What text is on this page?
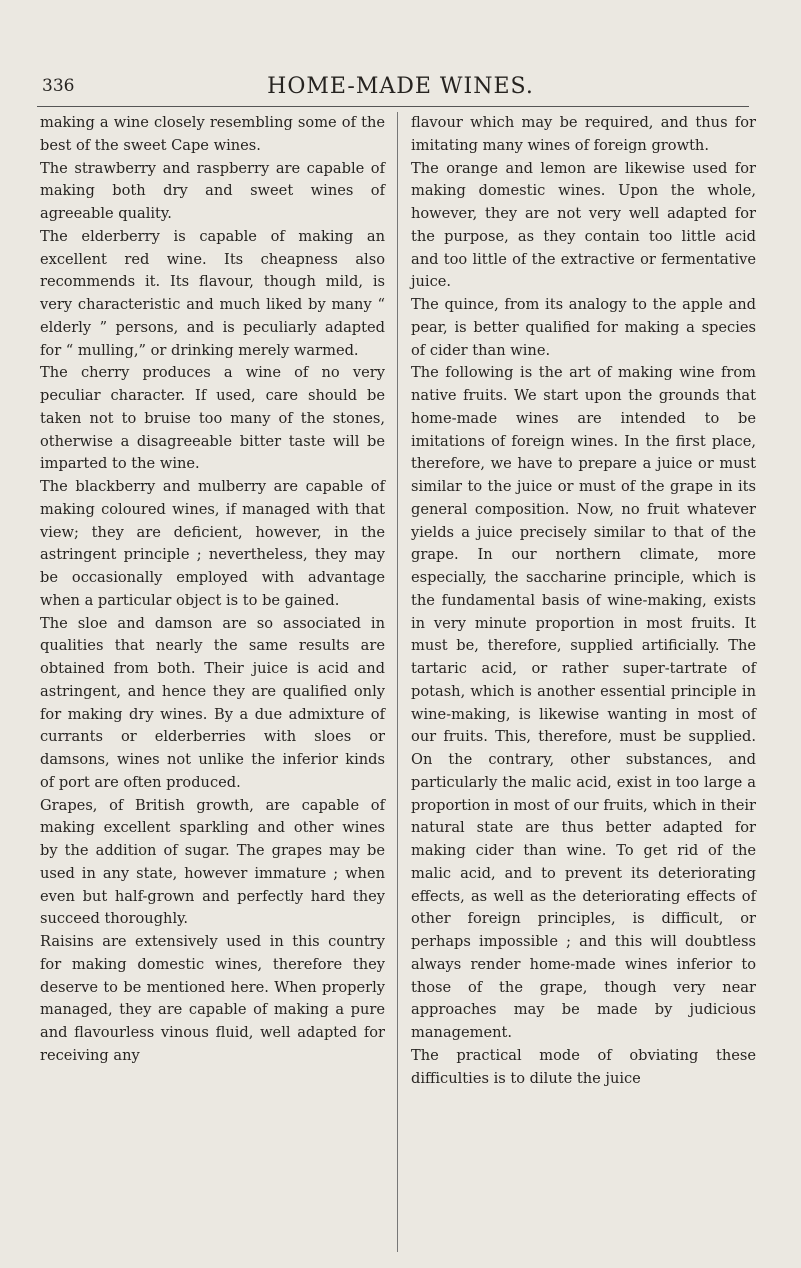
336	HOME-MADE WINES.

making a wine closely resembling some of the best of the sweet Cape wines.

The strawberry and raspberry are capable of making both dry and sweet wines of agreeable quality.

The elderberry is capable of making an excellent red wine. Its cheapness also recommends it. Its flavour, though mild, is very characteristic and much liked by many “ elderly ” persons, and is peculiarly adapted for “ mulling,” or drinking merely warmed.

The cherry produces a wine of no very peculiar character. If used, care should be taken not to bruise too many of the stones, otherwise a disagreeable bitter taste will be imparted to the wine.

The blackberry and mulberry are capable of making coloured wines, if managed with that view; they are deficient, however, in the astringent principle ; nevertheless, they may be occasionally employed with advantage when a particular object is to be gained.

The sloe and damson are so associated in qualities that nearly the same results are obtained from both. Their juice is acid and astringent, and hence they are qualified only for making dry wines. By a due admixture of currants or elderberries with sloes or damsons, wines not unlike the inferior kinds of port are often produced.

Grapes, of British growth, are capable of making excellent sparkling and other wines by the addition of sugar. The grapes may be used in any state, however immature ; when even but half-grown and perfectly hard they succeed thoroughly.

Raisins are extensively used in this country for making domestic wines, therefore they deserve to be mentioned here. When properly managed, they are capable of making a pure and flavourless vinous fluid, well adapted for receiving any

flavour which may be required, and thus for imitating many wines of foreign growth.

The orange and lemon are likewise used for making domestic wines. Upon the whole, however, they are not very well adapted for the purpose, as they contain too little acid and too little of the extractive or fermentative juice.

The quince, from its analogy to the apple and pear, is better qualified for making a species of cider than wine.

The following is the art of making wine from native fruits. We start upon the grounds that home-made wines are intended to be imitations of foreign wines. In the first place, therefore, we have to prepare a juice or must similar to the juice or must of the grape in its general composition. Now, no fruit whatever yields a juice precisely similar to that of the grape. In our northern climate, more especially, the saccharine principle, which is the fundamental basis of wine-making, exists in very minute proportion in most fruits. It must be, therefore, supplied artificially. The tartaric acid, or rather super-tartrate of potash, which is another essential principle in wine-making, is likewise wanting in most of our fruits. This, therefore, must be supplied. On the contrary, other substances, and particularly the malic acid, exist in too large a proportion in most of our fruits, which in their natural state are thus better adapted for making cider than wine. To get rid of the malic acid, and to prevent its deteriorating effects, as well as the deteriorating effects of other foreign principles, is difficult, or perhaps impossible ; and this will doubtless always render home-made wines inferior to those of the grape, though very near approaches may be made by judicious management.

The practical mode of obviating these difficulties is to dilute the juice
